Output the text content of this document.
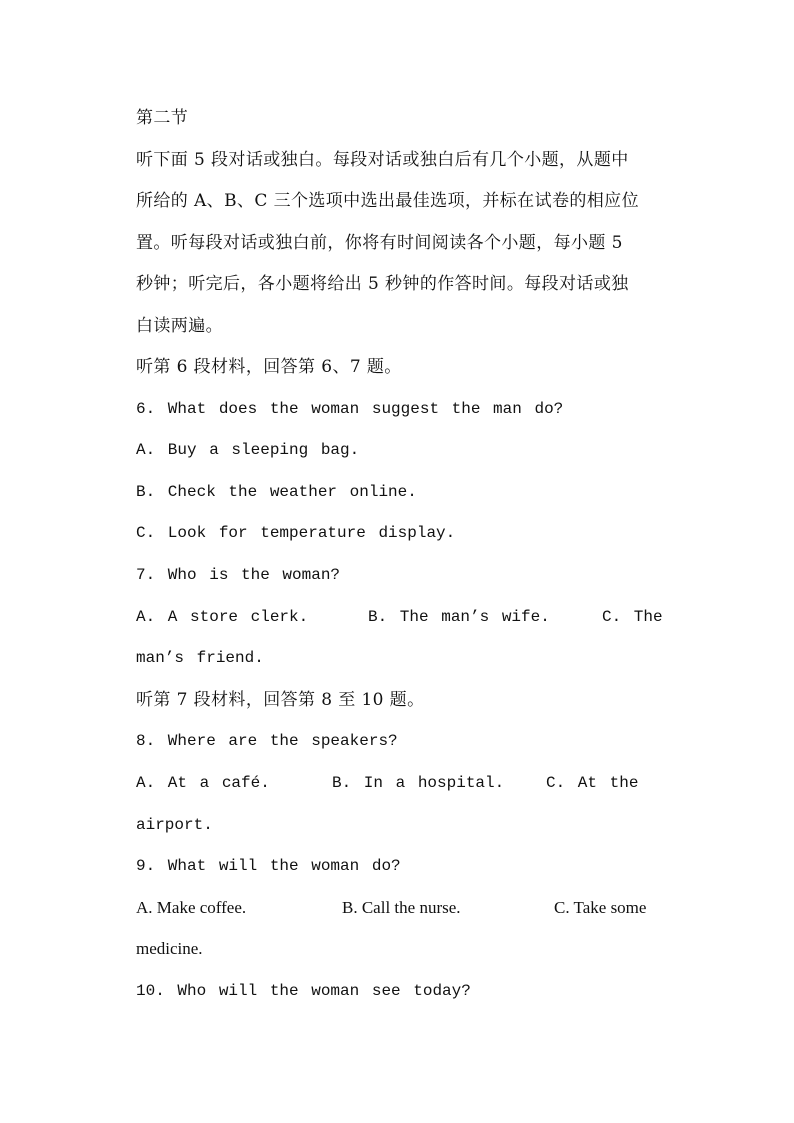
第二节
听下面 5 段对话或独白。每段对话或独白后有几个小题，从题中
所给的 A、B、C 三个选项中选出最佳选项，并标在试卷的相应位
置。听每段对话或独白前，你将有时间阅读各个小题，每小题 5
秒钟；听完后，各小题将给出 5 秒钟的作答时间。每段对话或独
白读两遍。
听第 6 段材料，回答第 6、7 题。
6. What does the woman suggest the man do?
A. Buy a sleeping bag.
B. Check the weather online.
C. Look for temperature display.
7. Who is the woman?
A. A store clerk.	B. The man’s wife.	C. The
man’s friend.
听第 7 段材料，回答第 8 至 10 题。
8. Where are the speakers?
A. At a café.	B. In a hospital.	C. At the
airport.
9. What will the woman do?
A. Make coffee.	B. Call the nurse.	C. Take some
medicine.
10. Who will the woman see today?
